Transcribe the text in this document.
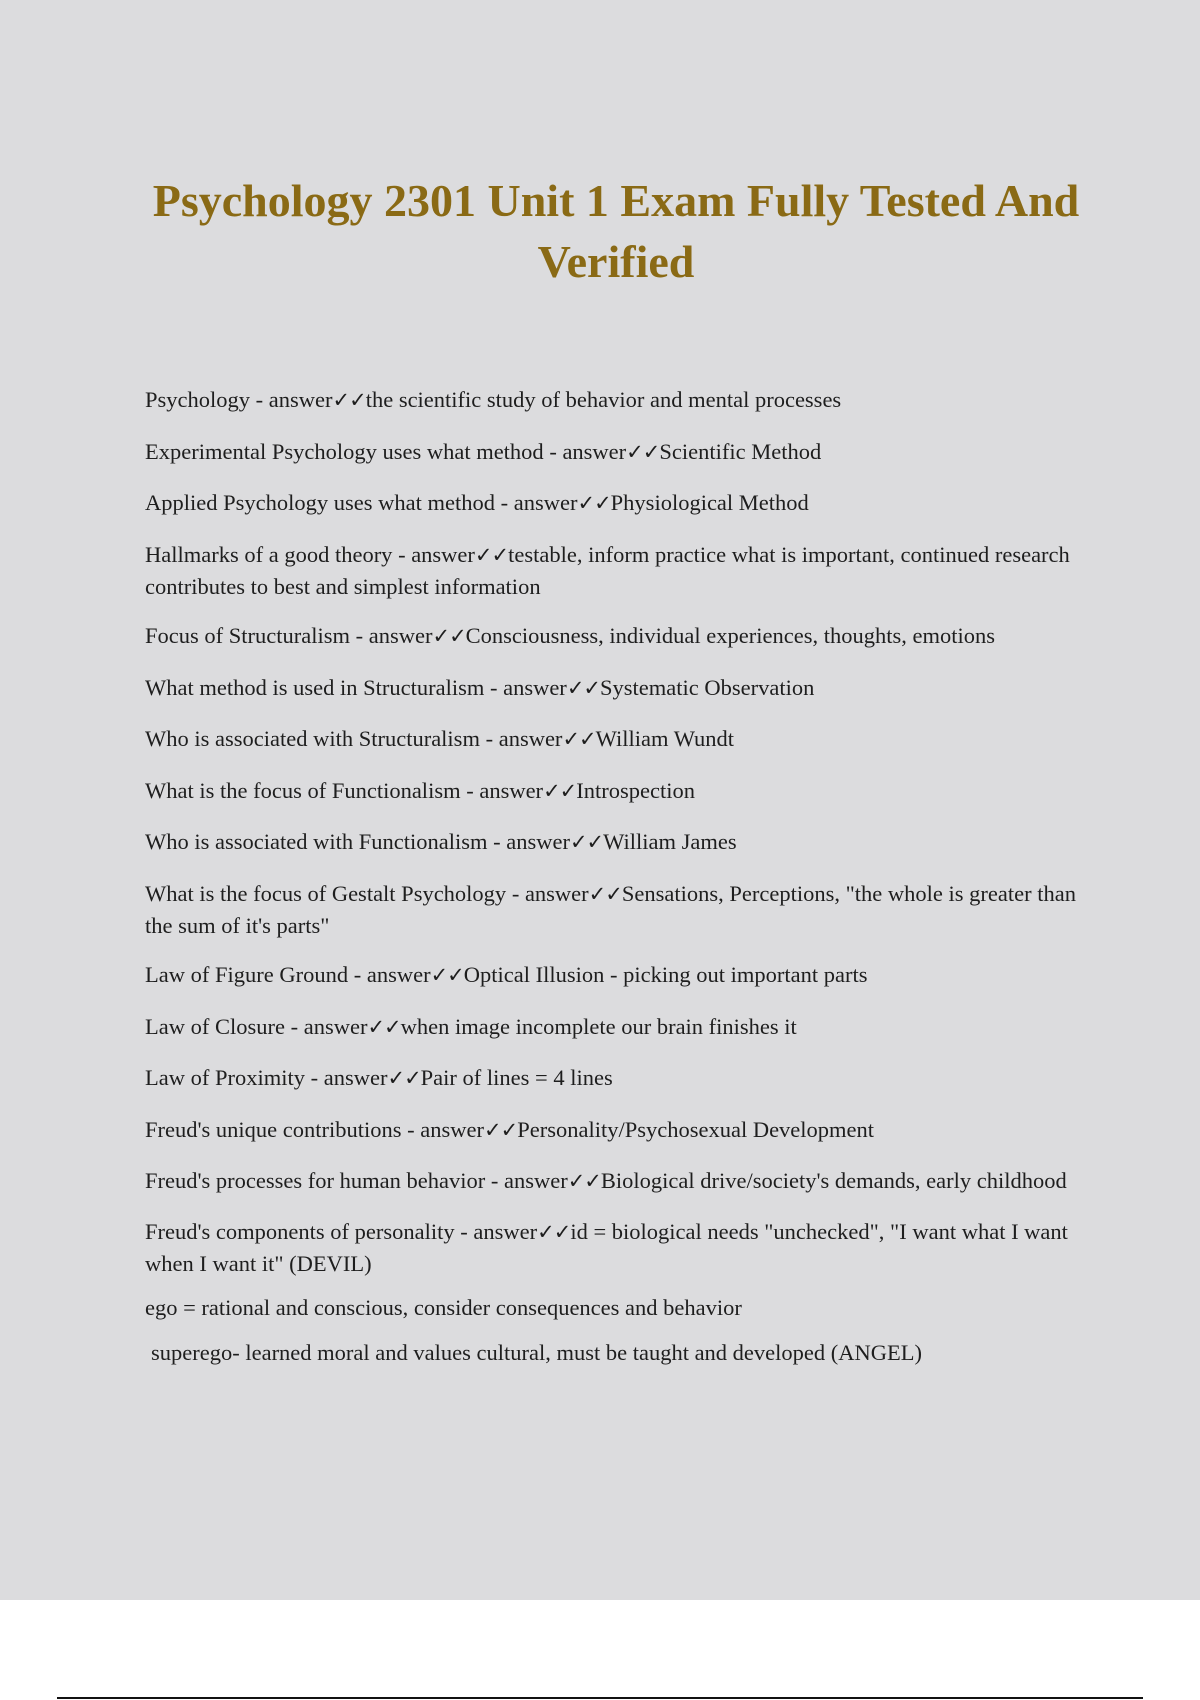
Psychology 2301 Unit 1 Exam Fully Tested And Verified

Psychology - answer✓✓the scientific study of behavior and mental processes

Experimental Psychology uses what method - answer✓✓Scientific Method

Applied Psychology uses what method - answer✓✓Physiological Method

Hallmarks of a good theory - answer✓✓testable, inform practice what is important, continued research contributes to best and simplest information

Focus of Structuralism - answer✓✓Consciousness, individual experiences, thoughts, emotions

What method is used in Structuralism - answer✓✓Systematic Observation

Who is associated with Structuralism - answer✓✓William Wundt

What is the focus of Functionalism - answer✓✓Introspection

Who is associated with Functionalism - answer✓✓William James

What is the focus of Gestalt Psychology - answer✓✓Sensations, Perceptions, "the whole is greater than the sum of it's parts"

Law of Figure Ground - answer✓✓Optical Illusion - picking out important parts

Law of Closure - answer✓✓when image incomplete our brain finishes it

Law of Proximity - answer✓✓Pair of lines = 4 lines

Freud's unique contributions - answer✓✓Personality/Psychosexual Development

Freud's processes for human behavior - answer✓✓Biological drive/society's demands, early childhood

Freud's components of personality - answer✓✓id = biological needs "unchecked", "I want what I want when I want it" (DEVIL)

ego = rational and conscious, consider consequences and behavior

superego- learned moral and values cultural, must be taught and developed (ANGEL)
